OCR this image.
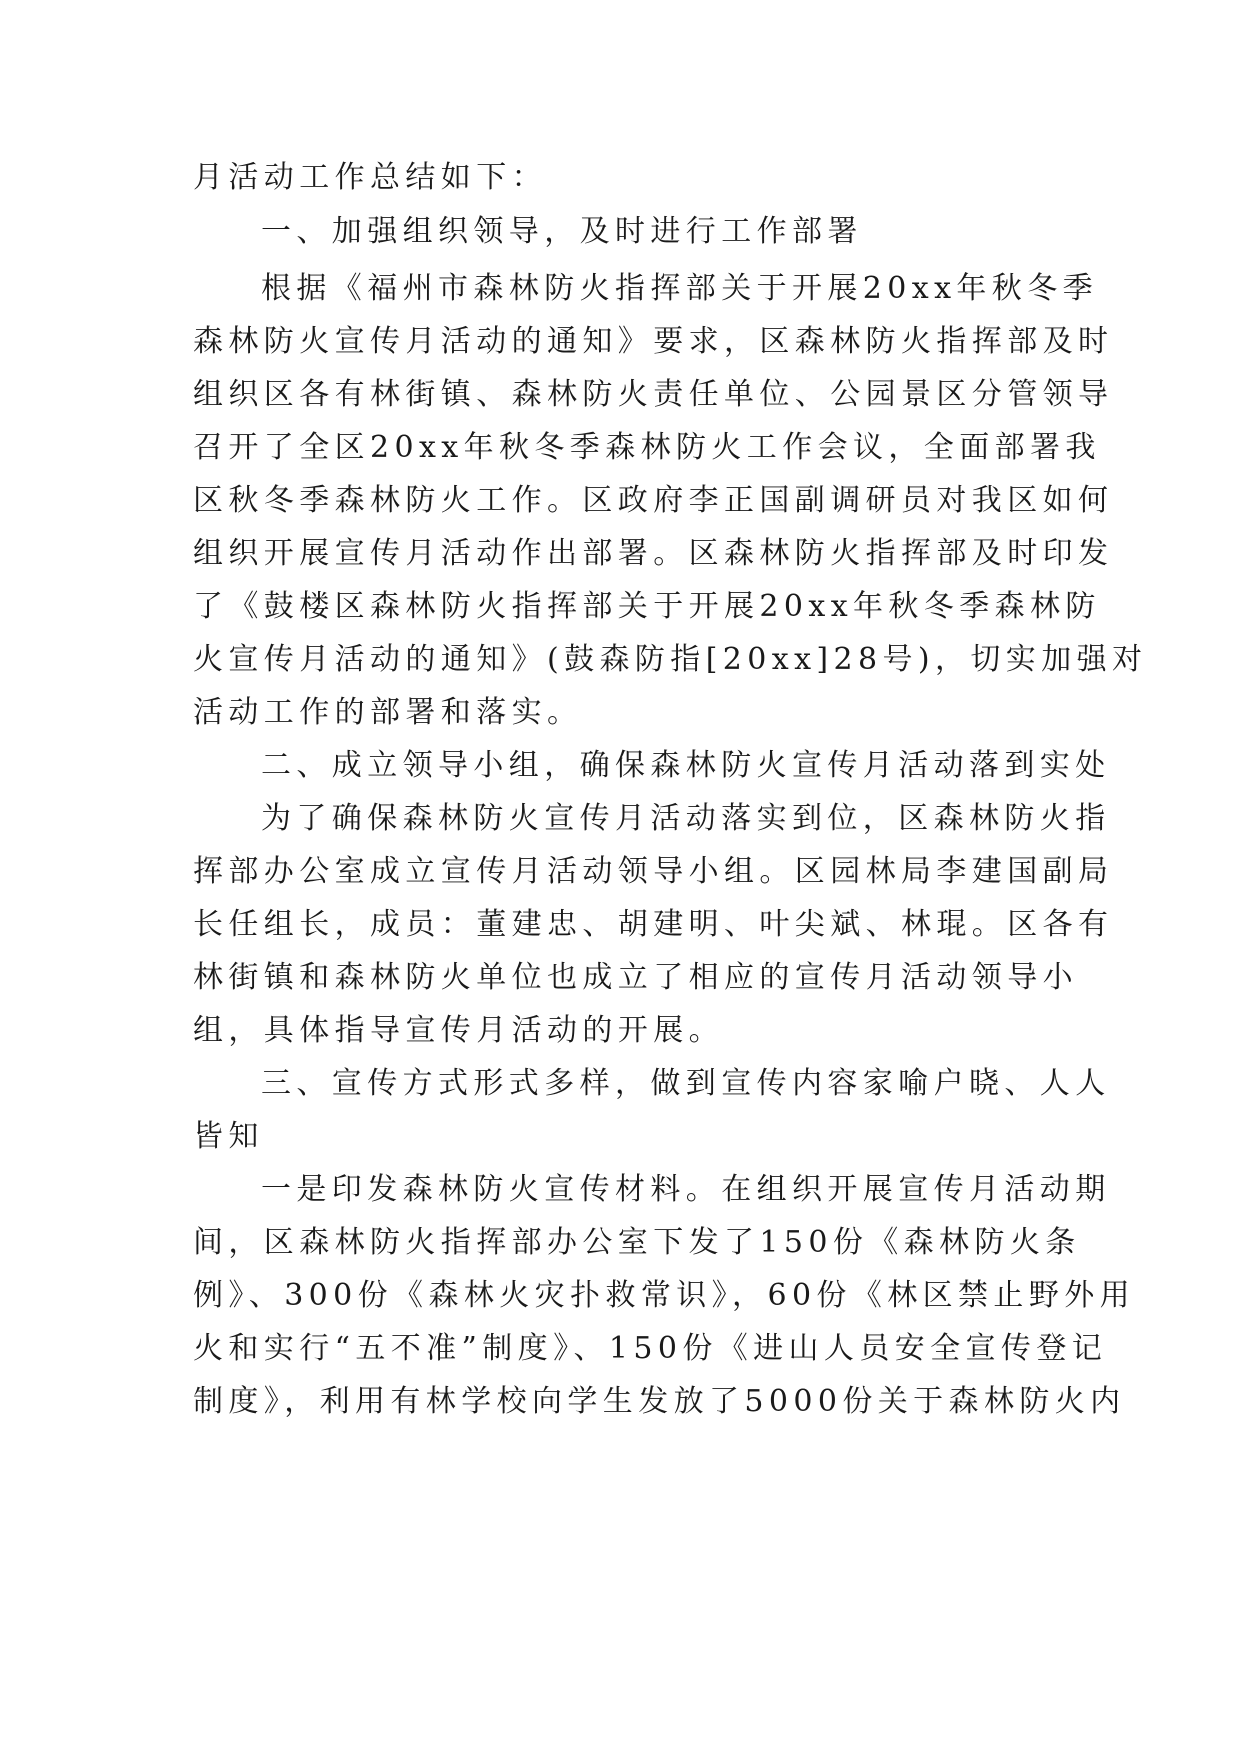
月活动工作总结如下：
一、加强组织领导，及时进行工作部署
根据《福州市森林防火指挥部关于开展20xx年秋冬季
森林防火宣传月活动的通知》要求，区森林防火指挥部及时
组织区各有林街镇、森林防火责任单位、公园景区分管领导
召开了全区20xx年秋冬季森林防火工作会议，全面部署我
区秋冬季森林防火工作。区政府李正国副调研员对我区如何
组织开展宣传月活动作出部署。区森林防火指挥部及时印发
了《鼓楼区森林防火指挥部关于开展20xx年秋冬季森林防
火宣传月活动的通知》(鼓森防指[20xx]28号)，切实加强对
活动工作的部署和落实。
二、成立领导小组，确保森林防火宣传月活动落到实处
为了确保森林防火宣传月活动落实到位，区森林防火指
挥部办公室成立宣传月活动领导小组。区园林局李建国副局
长任组长，成员：董建忠、胡建明、叶尖斌、林琨。区各有
林街镇和森林防火单位也成立了相应的宣传月活动领导小
组，具体指导宣传月活动的开展。
三、宣传方式形式多样，做到宣传内容家喻户晓、人人
皆知
一是印发森林防火宣传材料。在组织开展宣传月活动期
间，区森林防火指挥部办公室下发了150份《森林防火条
例》、300份《森林火灾扑救常识》，60份《林区禁止野外用
火和实行“五不准”制度》、150份《进山人员安全宣传登记
制度》，利用有林学校向学生发放了5000份关于森林防火内
